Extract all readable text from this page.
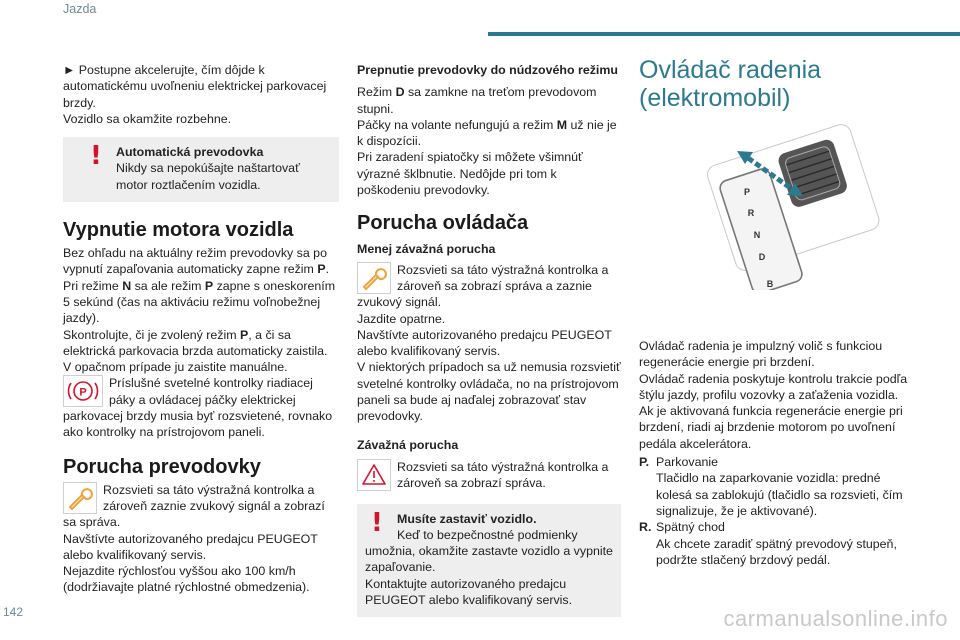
Jazda

► Postupne akcelerujte, čím dôjde k automatickému uvoľneniu elektrickej parkovacej brzdy.

Vozidlo sa okamžite rozbehne.

! Automatická prevodovka

Nikdy sa nepokúšajte naštartovať motor roztlačením vozidla.

Vypnutie motora vozidla

Bez ohľadu na aktuálny režim prevodovky sa po vypnutí zapaľovania automaticky zapne režim P.

Pri režime N sa ale režim P zapne s oneskorením 5 sekúnd (čas na aktiváciu režimu voľnobežnej jazdy).

Skontrolujte, či je zvolený režim P, a či sa elektrická parkovacia brzda automaticky zaistila.

V opačnom prípade ju zaistite manuálne.

P

Príslušné svetelné kontrolky riadiacej páky a ovládacej páčky elektrickej parkovacej brzdy musia byť rozsvietené, rovnako ako kontrolky na prístrojovom paneli.

Porucha prevodovky

Rozsvieti sa táto výstražná kontrolka a zároveň zaznie zvukový signál a zobrazí sa správa.

Navštívte autorizovaného predajcu PEUGEOT alebo kvalifikovaný servis.

Nejazdite rýchlosťou vyššou ako 100 km/h (dodržiavajte platné rýchlostné obmedzenia).

Prepnutie prevodovky do núdzového režimu

Režim D sa zamkne na treťom prevodovom stupni.

Páčky na volante nefungujú a režim M už nie je k dispozícii.

Pri zaradení spiatočky si môžete všimnúť výrazné šklbnutie. Nedôjde pri tom k poškodeniu prevodovky.

Porucha ovládača
Menej závažná porucha

Rozsvieti sa táto výstražná kontrolka a zároveň sa zobrazí správa a zaznie zvukový signál.

Jazdite opatrne.

Navštívte autorizovaného predajcu PEUGEOT alebo kvalifikovaný servis.

V niektorých prípadoch sa už nemusia rozsvietiť svetelné kontrolky ovládača, no na prístrojovom paneli sa bude aj naďalej zobrazovať stav prevodovky.

Závažná porucha

Rozsvieti sa táto výstražná kontrolka a zároveň sa zobrazí správa.

! Musíte zastaviť vozidlo.

Keď to bezpečnostné podmienky umožnia, okamžite zastavte vozidlo a vypnite zapaľovanie.

Kontaktujte autorizovaného predajcu PEUGEOT alebo kvalifikovaný servis.

Ovládač radenia (elektromobil)
P
R
N
D
B

Ovládač radenia je impulzný volič s funkciou regenerácie energie pri brzdení.

Ovládač radenia poskytuje kontrolu trakcie podľa štýlu jazdy, profilu vozovky a zaťaženia vozidla.

Ak je aktivovaná funkcia regenerácie energie pri brzdení, riadi aj brzdenie motorom po uvoľnení pedála akcelerátora.

P. Parkovanie

Tlačidlo na zaparkovanie vozidla: predné kolesá sa zablokujú (tlačidlo sa rozsvieti, čím signalizuje, že je aktivované).

R. Spätný chod

Ak chcete zaradiť spätný prevodový stupeň, podržte stlačený brzdový pedál.

142	carmanualsonline.info
